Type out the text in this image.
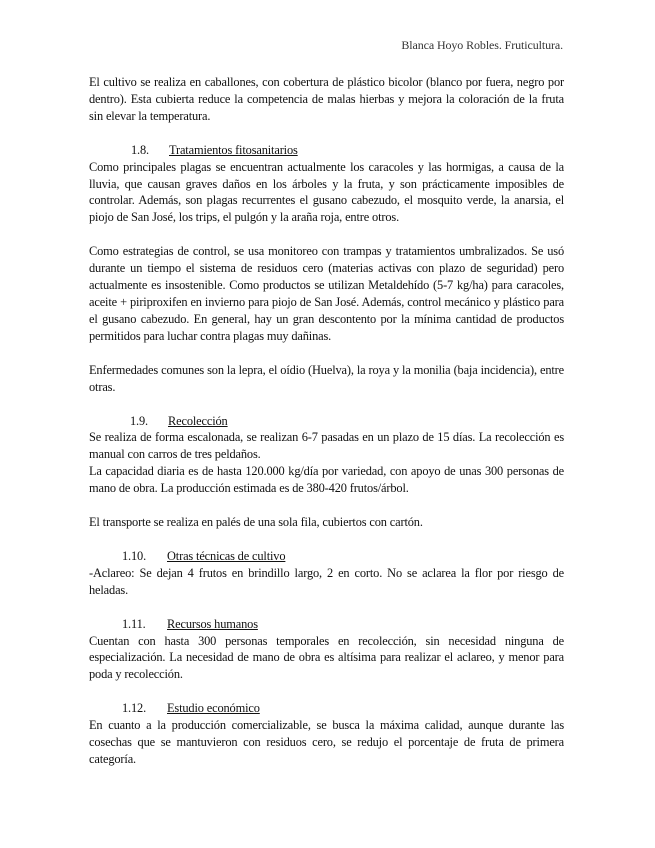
Blanca Hoyo Robles. Fruticultura.

El cultivo se realiza en caballones, con cobertura de plástico bicolor (blanco por fuera, negro por dentro). Esta cubierta reduce la competencia de malas hierbas y mejora la coloración de la fruta sin elevar la temperatura.

1.8.	Tratamientos fitosanitarios

Como principales plagas se encuentran actualmente los caracoles y las hormigas, a causa de la lluvia, que causan graves daños en los árboles y la fruta, y son prácticamente imposibles de controlar. Además, son plagas recurrentes el gusano cabezudo, el mosquito verde, la anarsia, el piojo de San José, los trips, el pulgón y la araña roja, entre otros.

Como estrategias de control, se usa monitoreo con trampas y tratamientos umbralizados. Se usó durante un tiempo el sistema de residuos cero (materias activas con plazo de seguridad) pero actualmente es insostenible. Como productos se utilizan Metaldehído (5-7 kg/ha) para caracoles, aceite + piriproxifen en invierno para piojo de San José. Además, control mecánico y plástico para el gusano cabezudo. En general, hay un gran descontento por la mínima cantidad de productos permitidos para luchar contra plagas muy dañinas.

Enfermedades comunes son la lepra, el oídio (Huelva), la roya y la monilia (baja incidencia), entre otras.

1.9.	Recolección

Se realiza de forma escalonada, se realizan 6-7 pasadas en un plazo de 15 días. La recolección es manual con carros de tres peldaños.

La capacidad diaria es de hasta 120.000 kg/día por variedad, con apoyo de unas 300 personas de mano de obra. La producción estimada es de 380-420 frutos/árbol.

El transporte se realiza en palés de una sola fila, cubiertos con cartón.

1.10.	Otras técnicas de cultivo

-Aclareo: Se dejan 4 frutos en brindillo largo, 2 en corto. No se aclarea la flor por riesgo de heladas.

1.11.	Recursos humanos

Cuentan con hasta 300 personas temporales en recolección, sin necesidad ninguna de especialización. La necesidad de mano de obra es altísima para realizar el aclareo, y menor para poda y recolección.

1.12.	Estudio económico

En cuanto a la producción comercializable, se busca la máxima calidad, aunque durante las cosechas que se mantuvieron con residuos cero, se redujo el porcentaje de fruta de primera categoría.
